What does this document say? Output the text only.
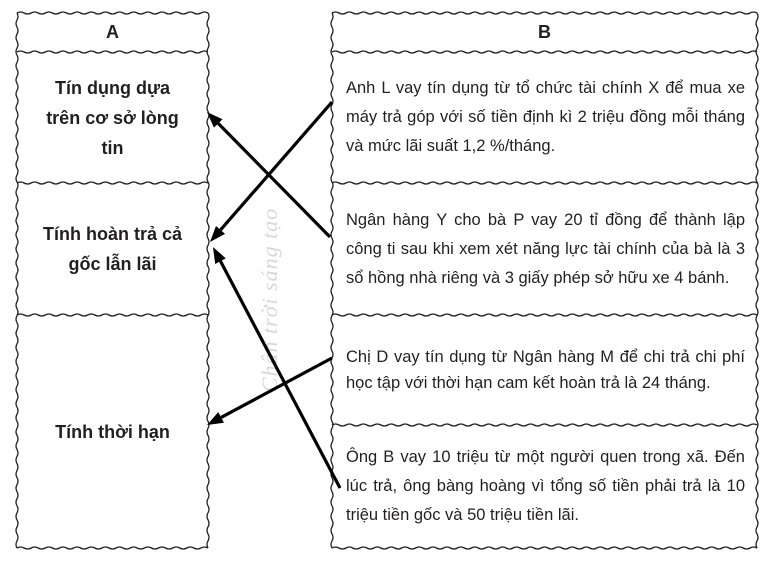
Chân trời sáng tạo
A	B
Tín dụng dựa trên cơ sở lòng tin
Tính hoàn trả cả gốc lẫn lãi
Tính thời hạn
Anh L vay tín dụng từ tổ chức tài chính X để mua xe máy trả góp với số tiền định kì 2 triệu đồng mỗi tháng và mức lãi suất 1,2 %/tháng.
Ngân hàng Y cho bà P vay 20 tỉ đồng để thành lập công ti sau khi xem xét năng lực tài chính của bà là 3 sổ hồng nhà riêng và 3 giấy phép sở hữu xe 4 bánh.
Chị D vay tín dụng từ Ngân hàng M để chi trả chi phí học tập với thời hạn cam kết hoàn trả là 24 tháng.
Ông B vay 10 triệu từ một người quen trong xã. Đến lúc trả, ông bàng hoàng vì tổng số tiền phải trả là 10 triệu tiền gốc và 50 triệu tiền lãi.
